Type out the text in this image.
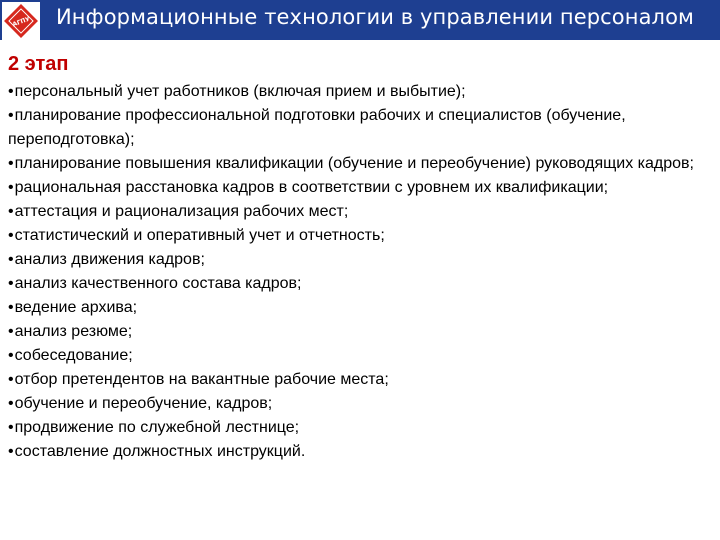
АГПУ Информационные технологии в управлении персоналом
2 этап
•персональный учет работников (включая прием и выбытие);
•планирование профессиональной подготовки рабочих и специалистов (обучение, переподготовка);
•планирование повышения квалификации (обучение и переобучение) руководящих кадров;
•рациональная расстановка кадров в соответствии с уровнем их квалификации;
•аттестация и рационализация рабочих мест;
•статистический и оперативный учет и отчетность;
•анализ движения кадров;
•анализ качественного состава кадров;
•ведение архива;
•анализ резюме;
•собеседование;
•отбор претендентов на вакантные рабочие места;
•обучение и переобучение, кадров;
•продвижение по служебной лестнице;
•составление должностных инструкций.
